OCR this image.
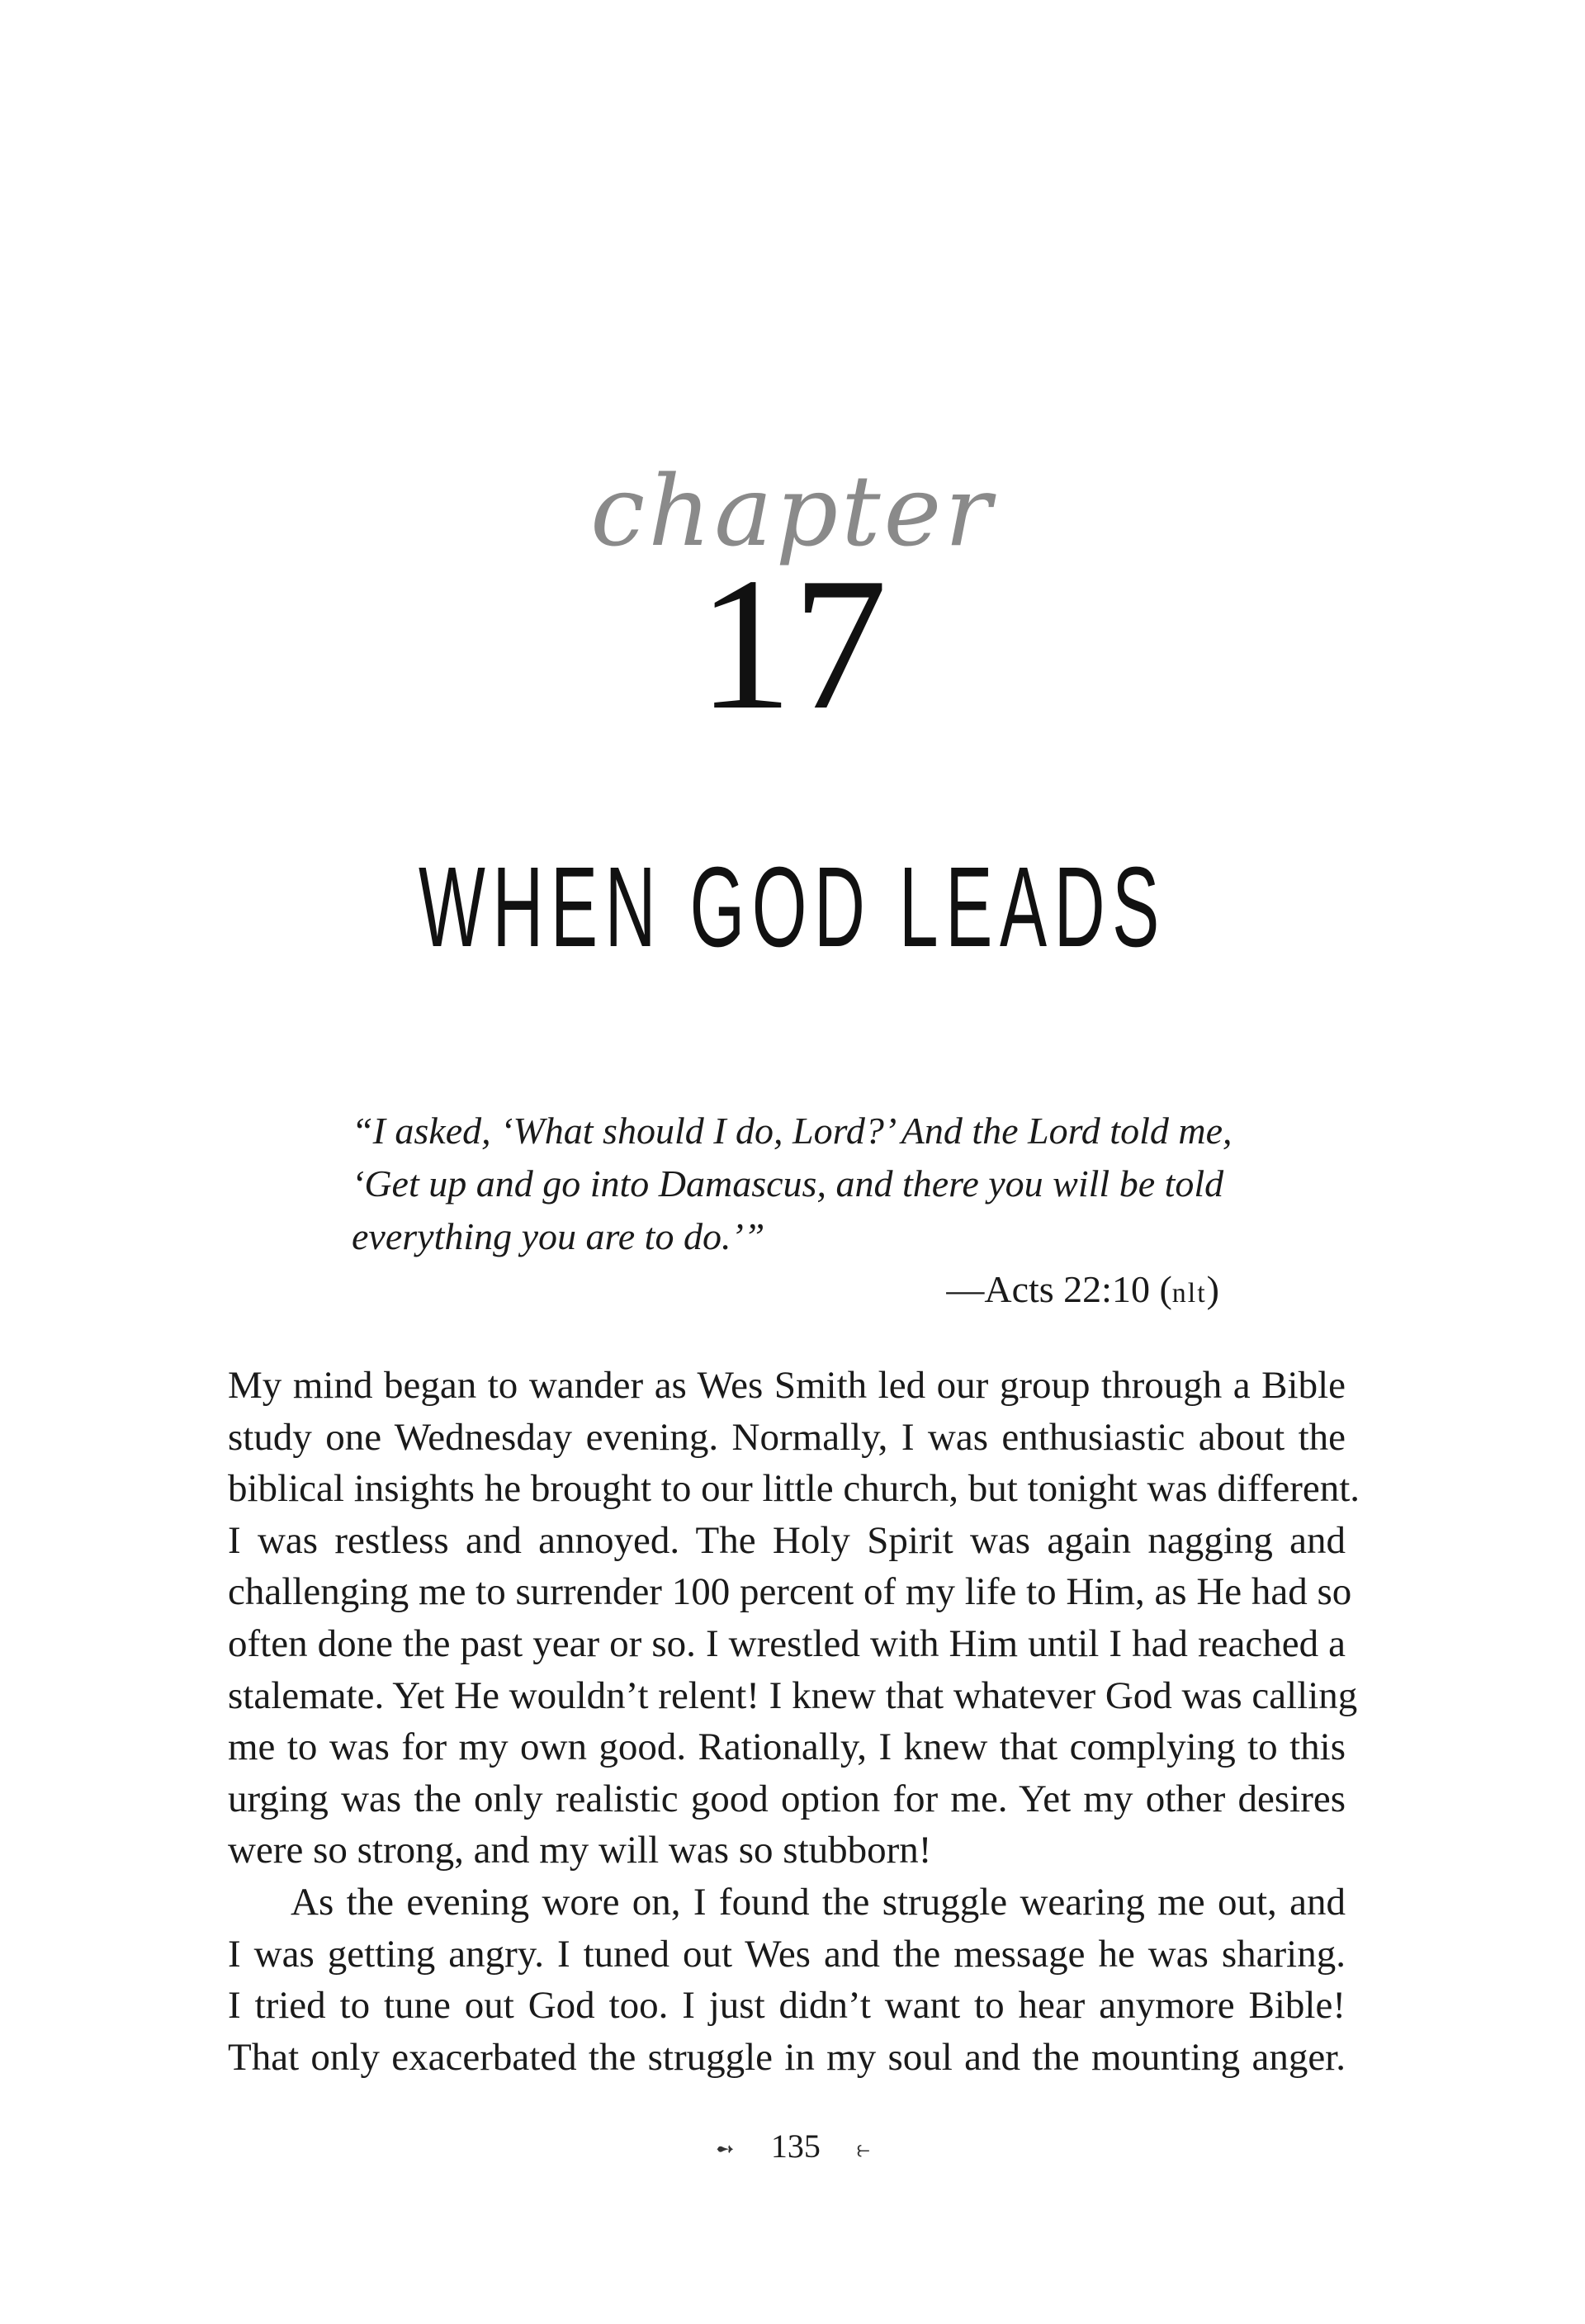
chapter
17
WHEN GOD LEADS
“I asked, ‘What should I do, Lord?’ And the Lord told me,
‘Get up and go into Damascus, and there you will be told
everything you are to do.’”
—Acts 22:10 (nlt)
My mind began to wander as Wes Smith led our group through a Bible
study one Wednesday evening. Normally, I was enthusiastic about the
biblical insights he brought to our little church, but tonight was different.
I was restless and annoyed. The Holy Spirit was again nagging and
challenging me to surrender 100 percent of my life to Him, as He had so
often done the past year or so. I wrestled with Him until I had reached a
stalemate. Yet He wouldn’t relent! I knew that whatever God was calling
me to was for my own good. Rationally, I knew that complying to this
urging was the only realistic good option for me. Yet my other desires
were so strong, and my will was so stubborn!
As the evening wore on, I found the struggle wearing me out, and
I was getting angry. I tuned out Wes and the message he was sharing.
I tried to tune out God too. I just didn’t want to hear anymore Bible!
That only exacerbated the struggle in my soul and the mounting anger.
➻ 135 ⥼
